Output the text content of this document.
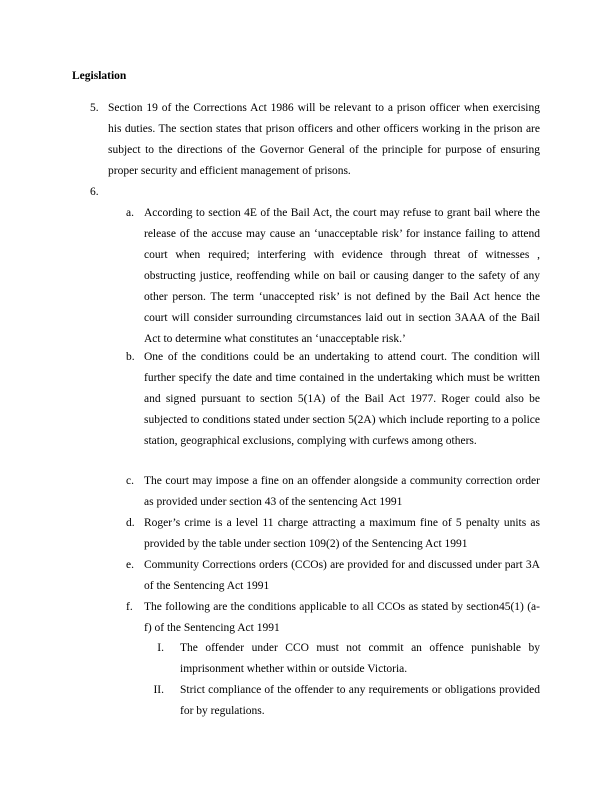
Legislation
5. Section 19 of the Corrections Act 1986 will be relevant to a prison officer when exercising his duties. The section states that prison officers and other officers working in the prison are subject to the directions of the Governor General of the principle for purpose of ensuring proper security and efficient management of prisons.
6.
a. According to section 4E of the Bail Act, the court may refuse to grant bail where the release of the accuse may cause an ‘unacceptable risk’ for instance failing to attend court when required; interfering with evidence through threat of witnesses , obstructing justice, reoffending while on bail or causing danger to the safety of any other person. The term ‘unaccepted risk’ is not defined by the Bail Act hence the court will consider surrounding circumstances laid out in section 3AAA of the Bail Act to determine what constitutes an ‘unacceptable risk.’
b. One of the conditions could be an undertaking to attend court. The condition will further specify the date and time contained in the undertaking which must be written and signed pursuant to section 5(1A) of the Bail Act 1977. Roger could also be subjected to conditions stated under section 5(2A) which include reporting to a police station, geographical exclusions, complying with curfews among others.
c. The court may impose a fine on an offender alongside a community correction order as provided under section 43 of the sentencing Act 1991
d. Roger’s crime is a level 11 charge attracting a maximum fine of 5 penalty units as provided by the table under section 109(2) of the Sentencing Act 1991
e. Community Corrections orders (CCOs) are provided for and discussed under part 3A of the Sentencing Act 1991
f. The following are the conditions applicable to all CCOs as stated by section45(1) (a-f) of the Sentencing Act 1991
I. The offender under CCO must not commit an offence punishable by imprisonment whether within or outside Victoria.
II. Strict compliance of the offender to any requirements or obligations provided for by regulations.
